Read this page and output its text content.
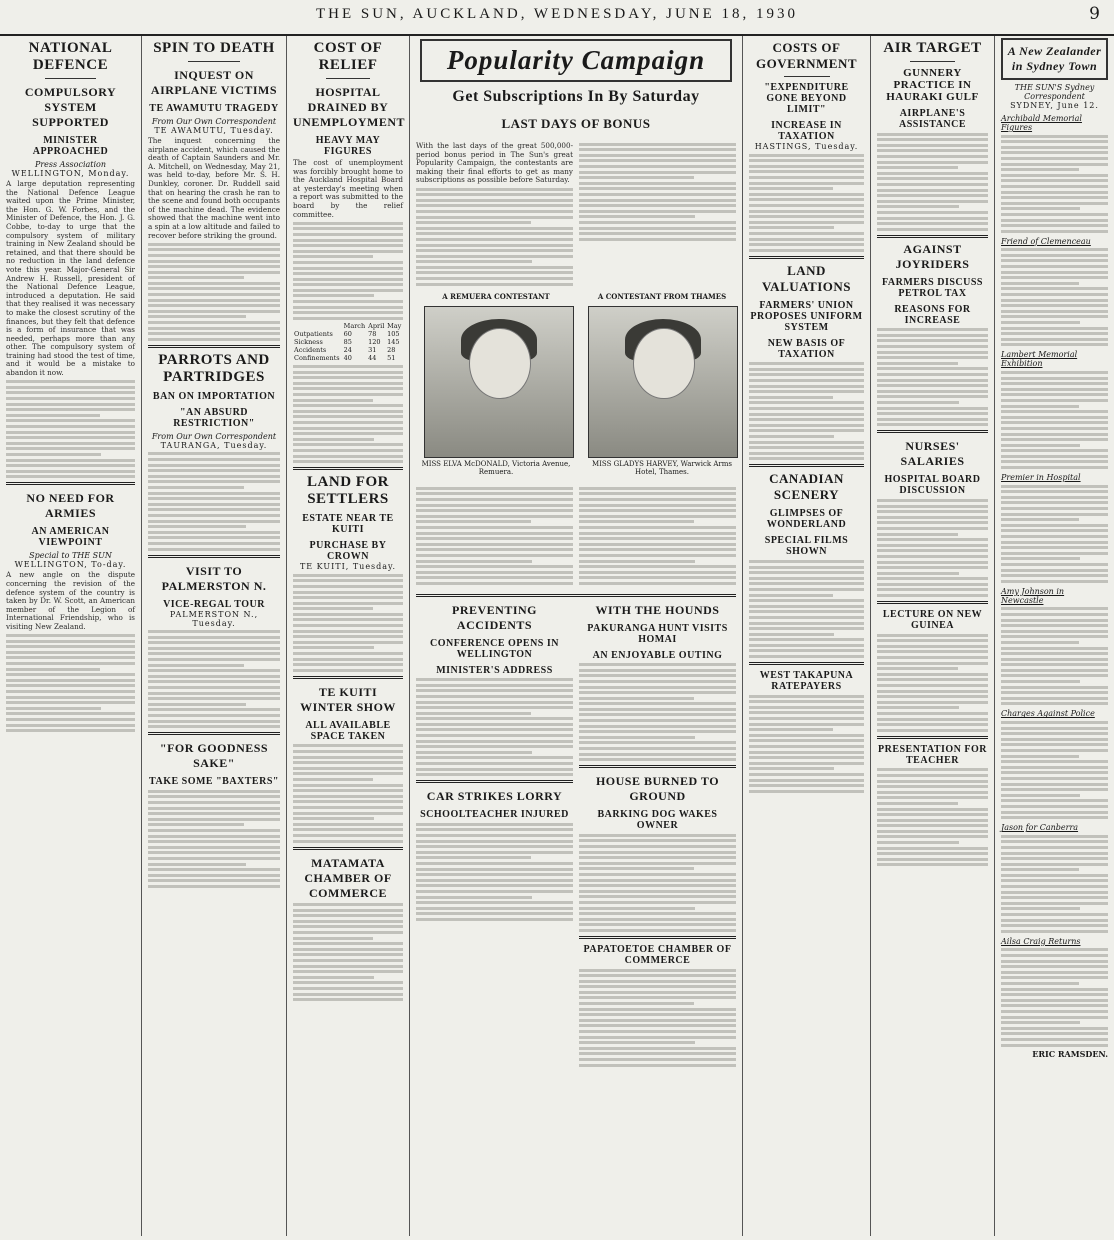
THE SUN, AUCKLAND, WEDNESDAY, JUNE 18, 1930	9
NATIONAL DEFENCE
COMPULSORY SYSTEM SUPPORTED
MINISTER APPROACHED
Press Association
WELLINGTON, Monday.
A large deputation representing the National Defence League waited upon the Prime Minister, the Hon. G. W. Forbes, and the Minister of Defence, the Hon. J. G. Cobbe, to-day to urge that the compulsory system of military training in New Zealand should be retained, and that there should be no reduction in the land defence vote this year. Major-General Sir Andrew H. Russell, president of the National Defence League, introduced a deputation. He said that they realised it was necessary to make the closest scrutiny of the finances, but they felt that defence is a form of insurance that was needed, perhaps more than any other. The compulsory system of training had stood the test of time, and it would be a mistake to abandon it now.
NO NEED FOR ARMIES
AN AMERICAN VIEWPOINT
Special to THE SUN
WELLINGTON, To-day.
A new angle on the dispute concerning the revision of the defence system of the country is taken by Dr. W. Scott, an American member of the Legion of International Friendship, who is visiting New Zealand.
SPIN TO DEATH
INQUEST ON AIRPLANE VICTIMS
TE AWAMUTU TRAGEDY
From Our Own Correspondent
TE AWAMUTU, Tuesday.
The inquest concerning the airplane accident, which caused the death of Captain Saunders and Mr. A. Mitchell, on Wednesday, May 21, was held to-day, before Mr. S. H. Dunkley, coroner. Dr. Ruddell said that on hearing the crash he ran to the scene and found both occupants of the machine dead. The evidence showed that the machine went into a spin at a low altitude and failed to recover before striking the ground.
PARROTS AND PARTRIDGES
BAN ON IMPORTATION
"AN ABSURD RESTRICTION"
From Our Own Correspondent
TAURANGA, Tuesday.
VISIT TO PALMERSTON N.
VICE-REGAL TOUR
PALMERSTON N., Tuesday.
"FOR GOODNESS SAKE"
TAKE SOME "BAXTERS"
COST OF RELIEF
HOSPITAL DRAINED BY UNEMPLOYMENT
HEAVY MAY FIGURES
The cost of unemployment was forcibly brought home to the Auckland Hospital Board at yesterday's meeting when a report was submitted to the board by the relief committee.
	March	April	May
Outpatients	60	78	105
Sickness	85	120	145
Accidents	24	31	28
Confinements	40	44	51
LAND FOR SETTLERS
ESTATE NEAR TE KUITI
PURCHASE BY CROWN
TE KUITI, Tuesday.
TE KUITI WINTER SHOW
ALL AVAILABLE SPACE TAKEN
MATAMATA CHAMBER OF COMMERCE
Popularity Campaign
Get Subscriptions In By Saturday
LAST DAYS OF BONUS
With the last days of the great 500,000-period bonus period in The Sun's great Popularity Campaign, the contestants are making their final efforts to get as many subscriptions as possible before Saturday.
A REMUERA CONTESTANT
MISS ELVA McDONALD, Victoria Avenue, Remuera.
A CONTESTANT FROM THAMES
MISS GLADYS HARVEY, Warwick Arms Hotel, Thames.
PREVENTING ACCIDENTS
CONFERENCE OPENS IN WELLINGTON
MINISTER'S ADDRESS
CAR STRIKES LORRY
SCHOOLTEACHER INJURED
WITH THE HOUNDS
PAKURANGA HUNT VISITS HOMAI
AN ENJOYABLE OUTING
HOUSE BURNED TO GROUND
BARKING DOG WAKES OWNER
PAPATOETOE CHAMBER OF COMMERCE
COSTS OF GOVERNMENT
"EXPENDITURE GONE BEYOND LIMIT"
INCREASE IN TAXATION
HASTINGS, Tuesday.
LAND VALUATIONS
FARMERS' UNION PROPOSES UNIFORM SYSTEM
NEW BASIS OF TAXATION
CANADIAN SCENERY
GLIMPSES OF WONDERLAND
SPECIAL FILMS SHOWN
WEST TAKAPUNA RATEPAYERS
AIR TARGET
GUNNERY PRACTICE IN HAURAKI GULF
AIRPLANE'S ASSISTANCE
AGAINST JOYRIDERS
FARMERS DISCUSS PETROL TAX
REASONS FOR INCREASE
NURSES' SALARIES
HOSPITAL BOARD DISCUSSION
LECTURE ON NEW GUINEA
PRESENTATION FOR TEACHER
A New Zealander in Sydney Town
THE SUN'S Sydney Correspondent
SYDNEY, June 12.
Archibald Memorial Figures
Friend of Clemenceau
Lambert Memorial Exhibition
Premier in Hospital
Amy Johnson in Newcastle
Charges Against Police
Jason for Canberra
Ailsa Craig Returns
ERIC RAMSDEN.
